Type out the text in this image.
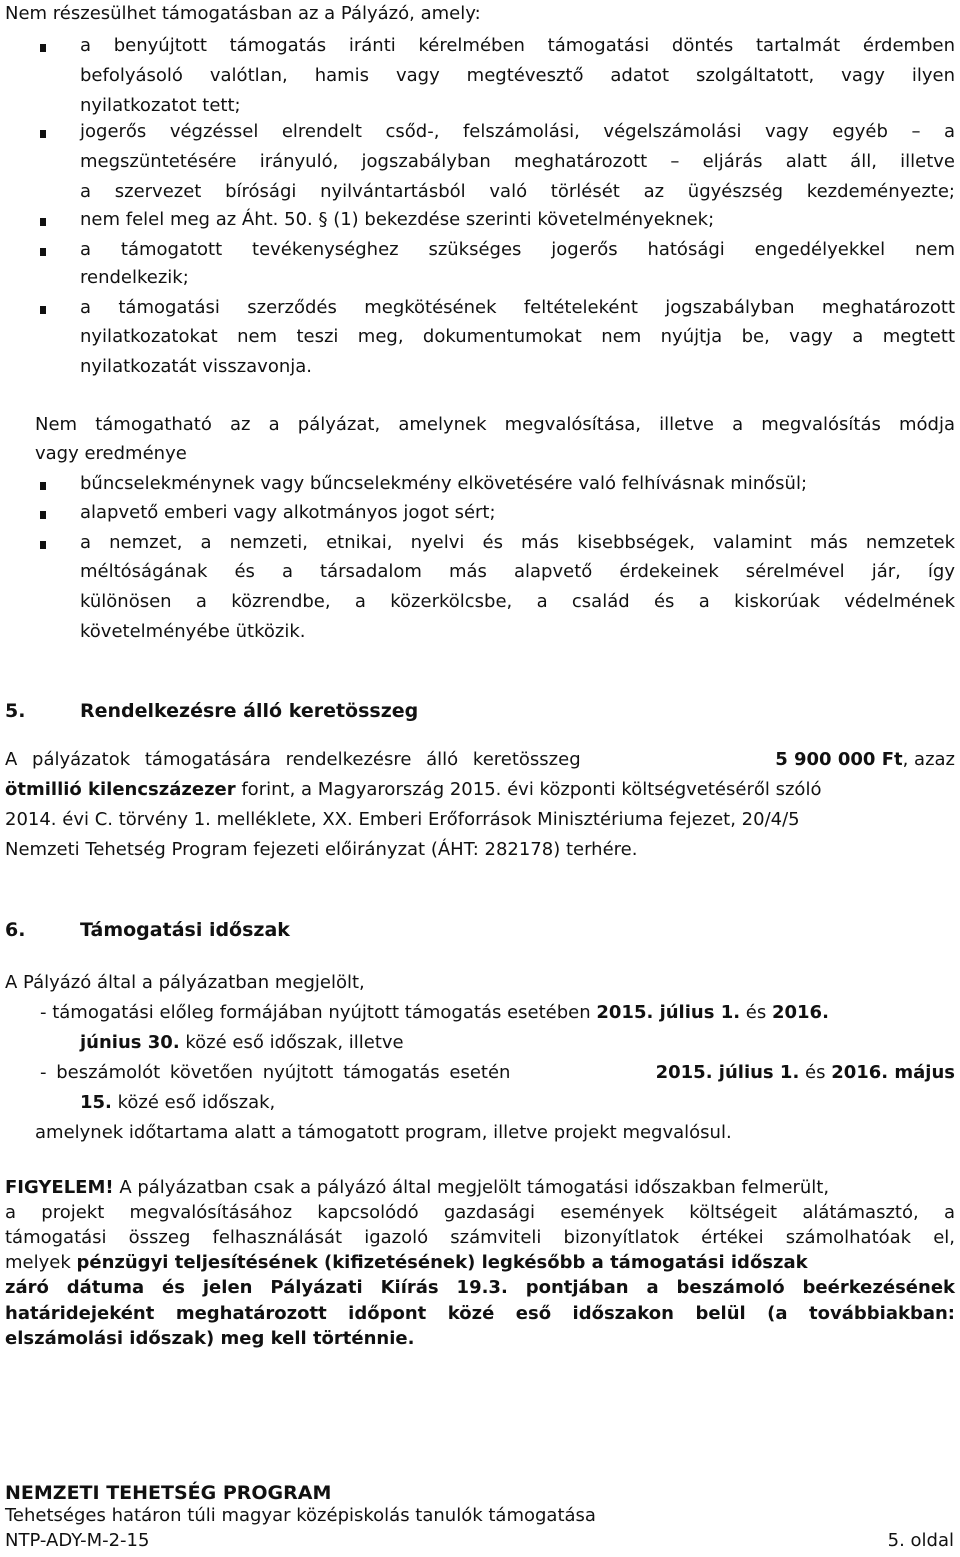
Nem részesülhet támogatásban az a Pályázó, amely:
a benyújtott támogatás iránti kérelmében támogatási döntés tartalmát érdemben
befolyásoló valótlan, hamis vagy megtévesztő adatot szolgáltatott, vagy ilyen
nyilatkozatot tett;
jogerős végzéssel elrendelt csőd-, felszámolási, végelszámolási vagy egyéb – a
megszüntetésére irányuló, jogszabályban meghatározott – eljárás alatt áll, illetve
a szervezet bírósági nyilvántartásból való törlését az ügyészség kezdeményezte;
nem felel meg az Áht. 50. § (1) bekezdése szerinti követelményeknek;
a támogatott tevékenységhez szükséges jogerős hatósági engedélyekkel nem
rendelkezik;
a támogatási szerződés megkötésének feltételeként jogszabályban meghatározott
nyilatkozatokat nem teszi meg, dokumentumokat nem nyújtja be, vagy a megtett
nyilatkozatát visszavonja.
Nem támogatható az a pályázat, amelynek megvalósítása, illetve a megvalósítás módja
vagy eredménye
bűncselekménynek vagy bűncselekmény elkövetésére való felhívásnak minősül;
alapvető emberi vagy alkotmányos jogot sért;
a nemzet, a nemzeti, etnikai, nyelvi és más kisebbségek, valamint más nemzetek
méltóságának és a társadalom más alapvető érdekeinek sérelmével jár, így
különösen a közrendbe, a közerkölcsbe, a család és a kiskorúak védelmének
követelményébe ütközik.
5.	Rendelkezésre álló keretösszeg
A pályázatok támogatására rendelkezésre álló keretösszeg	5 900 000 Ft, azaz
ötmillió kilencszázezer forint, a Magyarország 2015. évi központi költségvetéséről szóló
2014. évi C. törvény 1. melléklete, XX. Emberi Erőforrások Minisztériuma fejezet, 20/4/5
Nemzeti Tehetség Program fejezeti előirányzat (ÁHT: 282178) terhére.
6.	Támogatási időszak
A Pályázó által a pályázatban megjelölt,
- támogatási előleg formájában nyújtott támogatás esetében 2015. július 1. és 2016.
június 30. közé eső időszak, illetve
- beszámolót követően nyújtott támogatás esetén	2015. július 1. és 2016. május
15. közé eső időszak,
amelynek időtartama alatt a támogatott program, illetve projekt megvalósul.
FIGYELEM! A pályázatban csak a pályázó által megjelölt támogatási időszakban felmerült,
a projekt megvalósításához kapcsolódó gazdasági események költségeit alátámasztó, a
támogatási összeg felhasználását igazoló számviteli bizonyítlatok értékei számolhatóak el,
melyek pénzügyi teljesítésének (kifizetésének) legkésőbb a támogatási időszak
záró dátuma és jelen Pályázati Kiírás 19.3. pontjában a beszámoló beérkezésének
határidejeként meghatározott időpont közé eső időszakon belül (a továbbiakban:
elszámolási időszak) meg kell történnie.
NEMZETI TEHETSÉG PROGRAM
Tehetséges határon túli magyar középiskolás tanulók támogatása
NTP-ADY-M-2-15	5. oldal
